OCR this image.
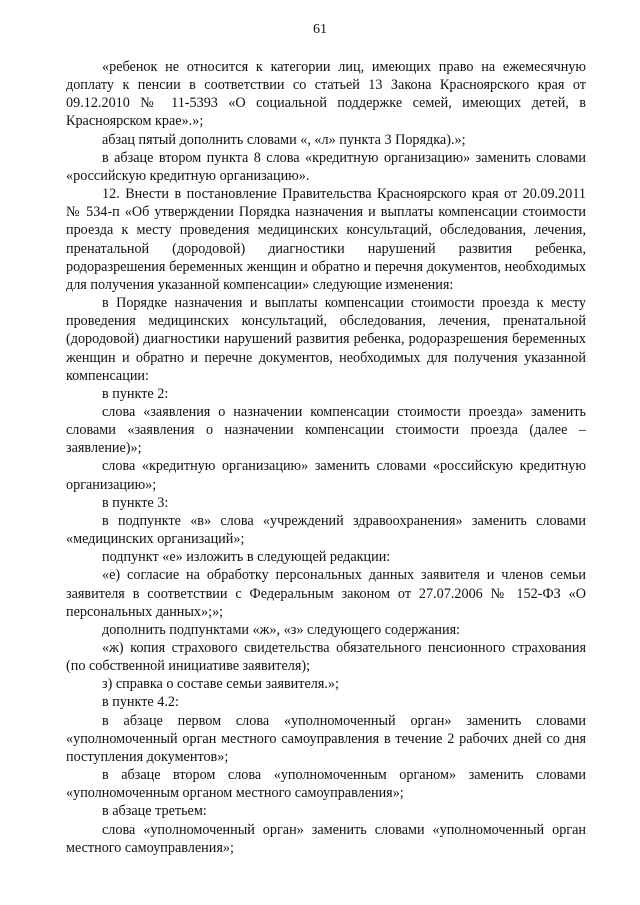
61

«ребенок не относится к категории лиц, имеющих право на ежемесячную доплату к пенсии в соответствии со статьей 13 Закона Красноярского края от 09.12.2010 № 11-5393 «О социальной поддержке семей, имеющих детей, в Красноярском крае».»;

абзац пятый дополнить словами «, «л» пункта 3 Порядка).»;

в абзаце втором пункта 8 слова «кредитную организацию» заменить словами «российскую кредитную организацию».

12. Внести в постановление Правительства Красноярского края от 20.09.2011 № 534-п «Об утверждении Порядка назначения и выплаты компенсации стоимости проезда к месту проведения медицинских консультаций, обследования, лечения, пренатальной (дородовой) диагностики нарушений развития ребенка, родоразрешения беременных женщин и обратно и перечня документов, необходимых для получения указанной компенсации» следующие изменения:

в Порядке назначения и выплаты компенсации стоимости проезда к месту проведения медицинских консультаций, обследования, лечения, пренатальной (дородовой) диагностики нарушений развития ребенка, родоразрешения беременных женщин и обратно и перечне документов, необходимых для получения указанной компенсации:

в пункте 2:

слова «заявления о назначении компенсации стоимости проезда» заменить словами «заявления о назначении компенсации стоимости проезда (далее – заявление)»;

слова «кредитную организацию» заменить словами «российскую кредитную организацию»;

в пункте 3:

в подпункте «в» слова «учреждений здравоохранения» заменить словами «медицинских организаций»;

подпункт «е» изложить в следующей редакции:

«е) согласие на обработку персональных данных заявителя и членов семьи заявителя в соответствии с Федеральным законом от 27.07.2006 № 152-ФЗ «О персональных данных»;»;

дополнить подпунктами «ж», «з» следующего содержания:

«ж) копия страхового свидетельства обязательного пенсионного страхования (по собственной инициативе заявителя);

з) справка о составе семьи заявителя.»;

в пункте 4.2:

в абзаце первом слова «уполномоченный орган» заменить словами «уполномоченный орган местного самоуправления в течение 2 рабочих дней со дня поступления документов»;

в абзаце втором слова «уполномоченным органом» заменить словами «уполномоченным органом местного самоуправления»;

в абзаце третьем:

слова «уполномоченный орган» заменить словами «уполномоченный орган местного самоуправления»;
